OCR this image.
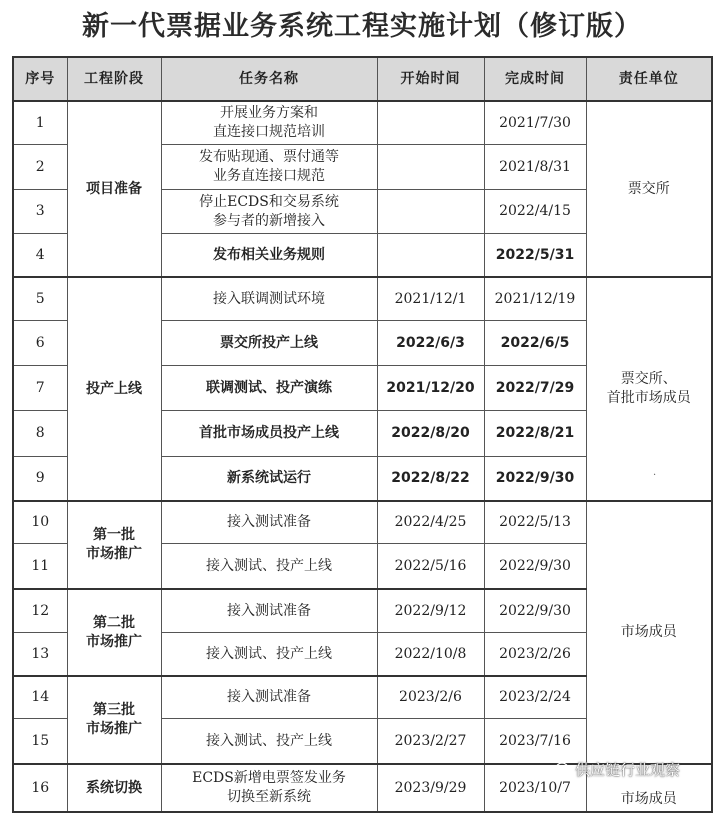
新一代票据业务系统工程实施计划（修订版）
序号	工程阶段	任务名称	开始时间	完成时间	责任单位
1	项目准备	开展业务方案和
直连接口规范培训		2021/7/30	票交所
2		发布贴现通、票付通等
业务直连接口规范		2021/8/31	
3		停止ECDS和交易系统
参与者的新增接入		2022/4/15	
4		发布相关业务规则		2022/5/31	
5	投产上线	接入联调测试环境	2021/12/1	2021/12/19	票交所、
首批市场成员
6		票交所投产上线	2022/6/3	2022/6/5	
7		联调测试、投产演练	2021/12/20	2022/7/29	
8		首批市场成员投产上线	2022/8/20	2022/8/21	
9		新系统试运行	2022/8/22	2022/9/30	
10	第一批
市场推广	接入测试准备	2022/4/25	2022/5/13	市场成员
11		接入测试、投产上线	2022/5/16	2022/9/30	
12	第二批
市场推广	接入测试准备	2022/9/12	2022/9/30	
13		接入测试、投产上线	2022/10/8	2023/2/26	
14	第三批
市场推广	接入测试准备	2023/2/6	2023/2/24	
15		接入测试、投产上线	2023/2/27	2023/7/16	
16	系统切换	ECDS新增电票签发业务
切换至新系统	2023/9/29	2023/10/7	市场成员
·
供应链行业观察
